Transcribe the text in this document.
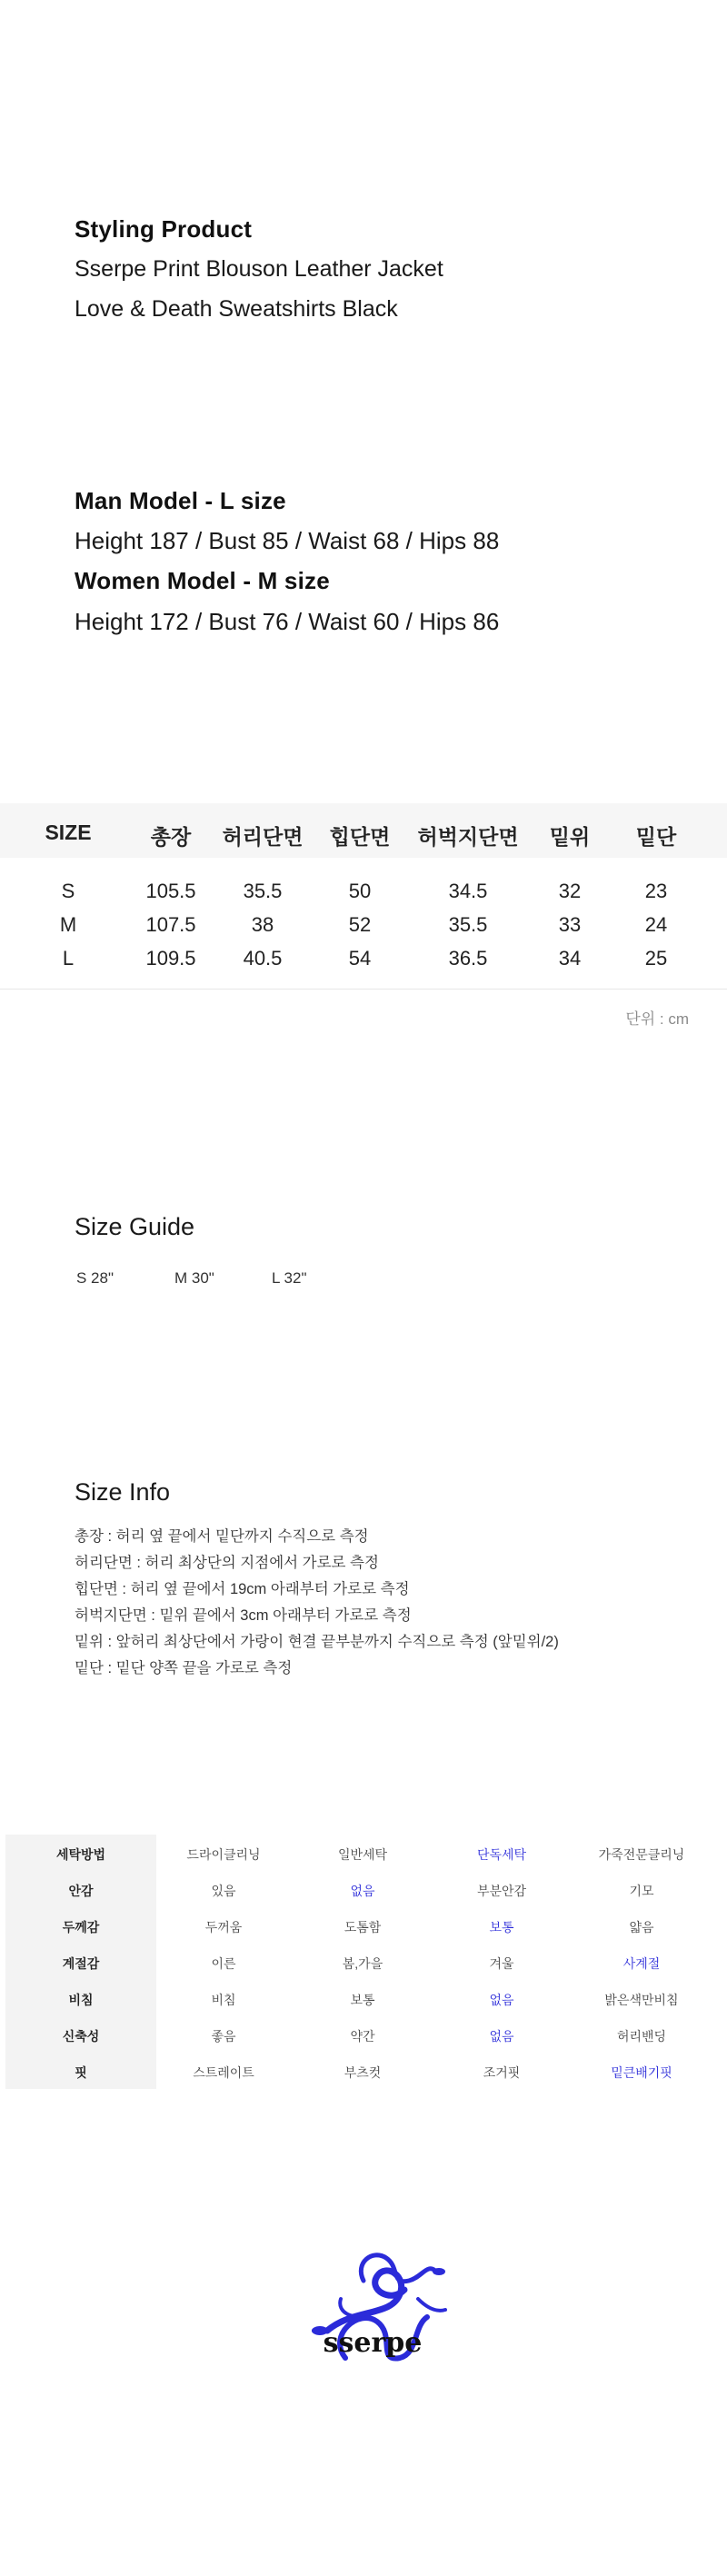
Styling Product
Sserpe Print Blouson Leather Jacket
Love & Death Sweatshirts Black
Man Model - L size
Height 187 / Bust 85 / Waist 68 / Hips 88
Women Model - M size
Height 172 / Bust 76 / Waist 60 / Hips 86
SIZE	총장	허리단면	힙단면	허벅지단면	밑위	밑단
S	105.5	35.5	50	34.5	32	23
M	107.5	38	52	35.5	33	24
L	109.5	40.5	54	36.5	34	25
단위 : cm
Size Guide
S 28"	M 30"	L 32"
Size Info
총장 : 허리 옆 끝에서 밑단까지 수직으로 측정
허리단면 : 허리 최상단의 지점에서 가로로 측정
힙단면 : 허리 옆 끝에서 19cm 아래부터 가로로 측정
허벅지단면 : 밑위 끝에서 3cm 아래부터 가로로 측정
밑위 : 앞허리 최상단에서 가랑이 현결 끝부분까지 수직으로 측정 (앞밑위/2)
밑단 : 밑단 양쪽 끝을 가로로 측정
세탁방법	드라이클리닝	일반세탁	단독세탁	가죽전문클리닝
안감	있음	없음	부분안감	기모
두께감	두꺼움	도톰함	보통	얇음
계절감	이른	봄,가을	겨울	사계절
비침	비침	보통	없음	밝은색만비침
신축성	좋음	약간	없음	허리밴딩
핏	스트레이트	부츠컷	조거핏	밑큰배기핏
sserpe
